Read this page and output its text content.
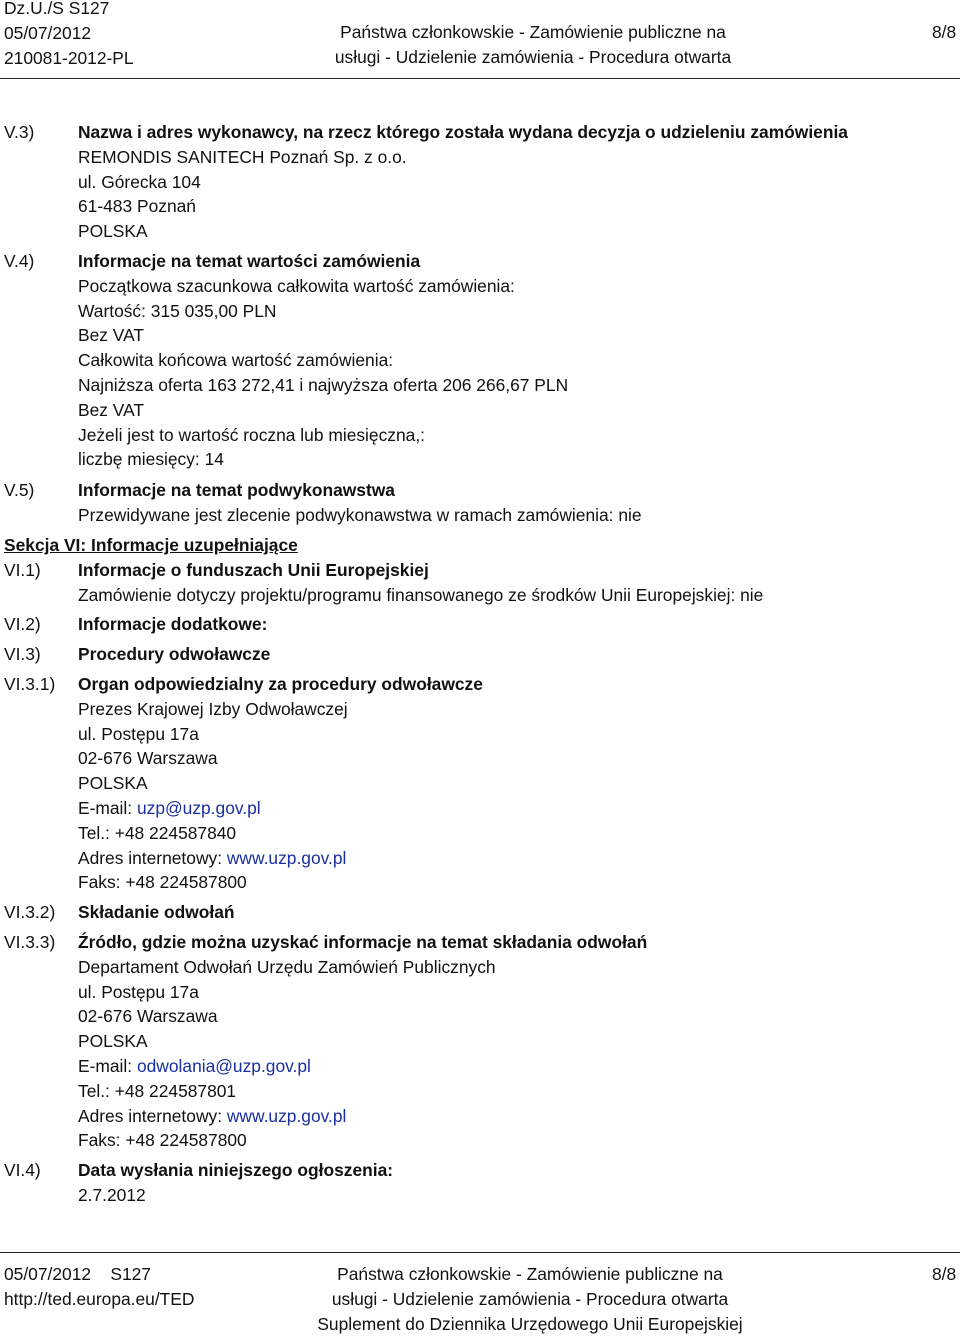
Dz.U./S S127
05/07/2012
210081-2012-PL
Państwa członkowskie - Zamówienie publiczne na
usługi - Udzielenie zamówienia - Procedura otwarta
8/8
V.3)	Nazwa i adres wykonawcy, na rzecz którego została wydana decyzja o udzieleniu zamówienia
REMONDIS SANITECH Poznań Sp. z o.o.
ul. Górecka 104
61-483 Poznań
POLSKA
V.4)	Informacje na temat wartości zamówienia
Początkowa szacunkowa całkowita wartość zamówienia:
Wartość: 315 035,00 PLN
Bez VAT
Całkowita końcowa wartość zamówienia:
Najniższa oferta 163 272,41 i najwyższa oferta 206 266,67 PLN
Bez VAT
Jeżeli jest to wartość roczna lub miesięczna,:
liczbę miesięcy: 14
V.5)	Informacje na temat podwykonawstwa
Przewidywane jest zlecenie podwykonawstwa w ramach zamówienia: nie
Sekcja VI: Informacje uzupełniające
VI.1) Informacje o funduszach Unii Europejskiej
Zamówienie dotyczy projektu/programu finansowanego ze środków Unii Europejskiej: nie
VI.2) Informacje dodatkowe:
VI.3) Procedury odwoławcze
VI.3.1) Organ odpowiedzialny za procedury odwoławcze
Prezes Krajowej Izby Odwoławczej
ul. Postępu 17a
02-676 Warszawa
POLSKA
E-mail: uzp@uzp.gov.pl
Tel.: +48 224587840
Adres internetowy: www.uzp.gov.pl
Faks: +48 224587800
VI.3.2) Składanie odwołań
VI.3.3) Źródło, gdzie można uzyskać informacje na temat składania odwołań
Departament Odwołań Urzędu Zamówień Publicznych
ul. Postępu 17a
02-676 Warszawa
POLSKA
E-mail: odwolania@uzp.gov.pl
Tel.: +48 224587801
Adres internetowy: www.uzp.gov.pl
Faks: +48 224587800
VI.4) Data wysłania niniejszego ogłoszenia:
2.7.2012
05/07/2012    S127
http://ted.europa.eu/TED
Państwa członkowskie - Zamówienie publiczne na
usługi - Udzielenie zamówienia - Procedura otwarta
Suplement do Dziennika Urzędowego Unii Europejskiej
8/8
